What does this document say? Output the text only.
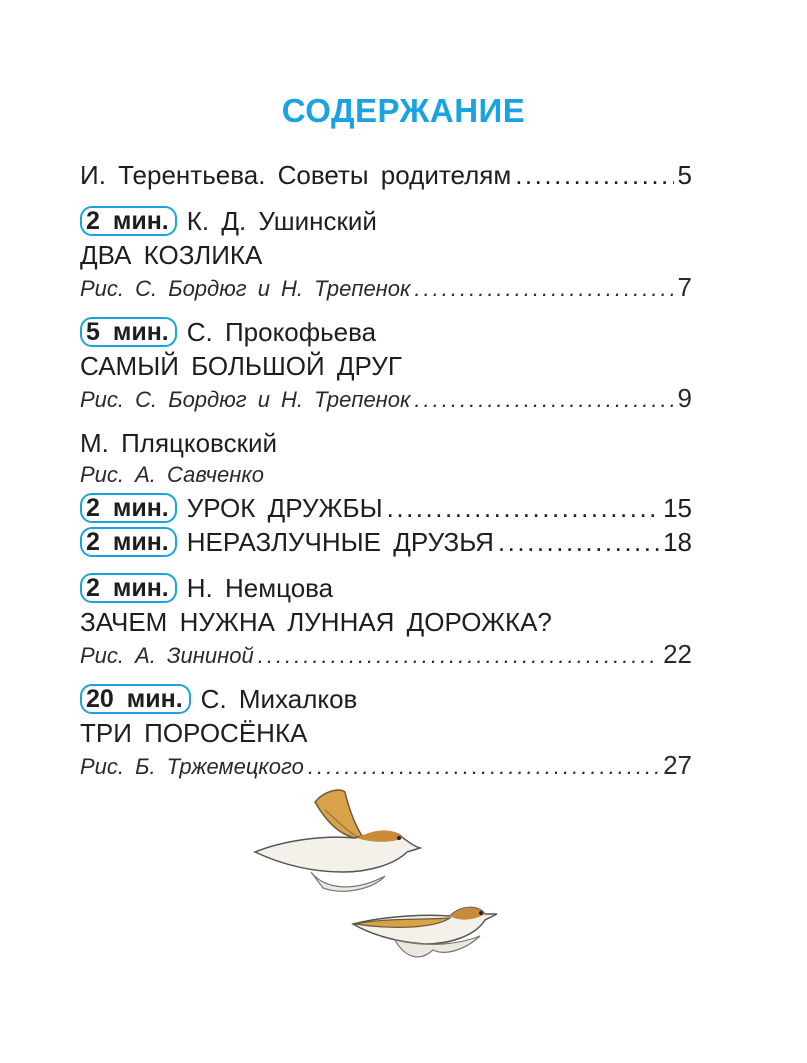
СОДЕРЖАНИЕ
И. Терентьева. Советы родителям .....	5
2 мин. К. Д. Ушинский
ДВА КОЗЛИКА
Рис. С. Бордюг и Н. Трепенок .....	7
5 мин. С. Прокофьева
САМЫЙ БОЛЬШОЙ ДРУГ
Рис. С. Бордюг и Н. Трепенок .....	9
М. Пляцковский
Рис. А. Савченко
2 мин. УРОК ДРУЖБЫ .....	15
2 мин. НЕРАЗЛУЧНЫЕ ДРУЗЬЯ .....	18
2 мин. Н. Немцова
ЗАЧЕМ НУЖНА ЛУННАЯ ДОРОЖКА?
Рис. А. Зининой .....	22
20 мин. С. Михалков
ТРИ ПОРОСЁНКА
Рис. Б. Тржемецкого .....	27
